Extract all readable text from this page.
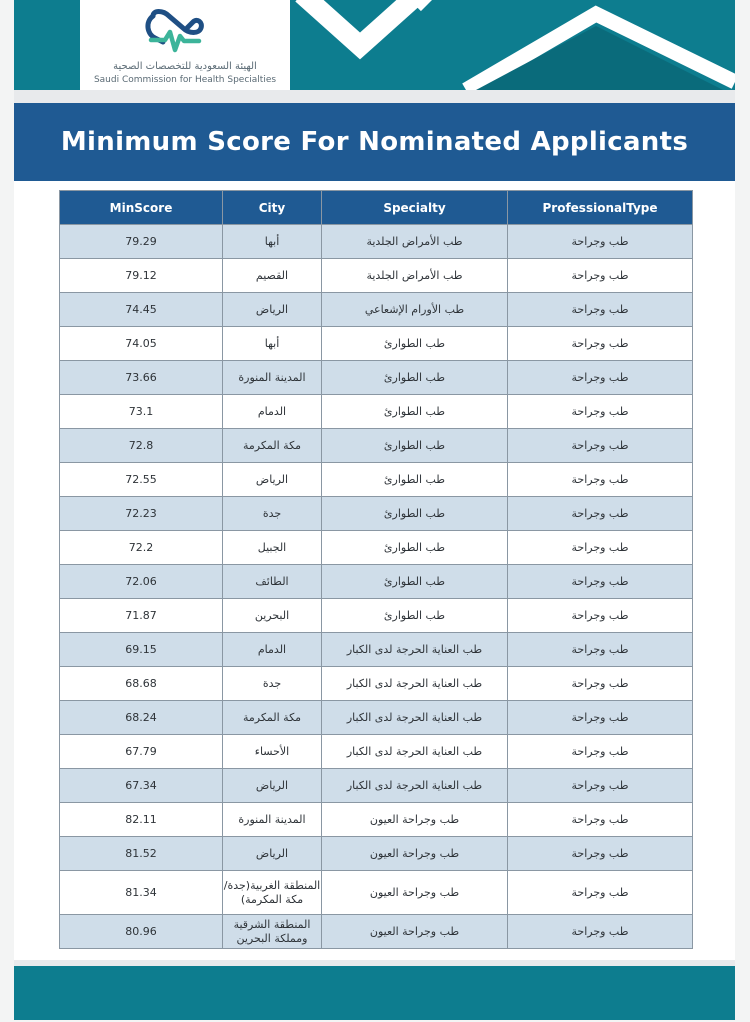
الهيئة السعودية للتخصصات الصحية
Saudi Commission for Health Specialties
Minimum Score For Nominated Applicants
MinScore	City	Specialty	ProfessionalType
79.29	أبها	طب الأمراض الجلدية	طب وجراحة
79.12	القصيم	طب الأمراض الجلدية	طب وجراحة
74.45	الرياض	طب الأورام الإشعاعي	طب وجراحة
74.05	أبها	طب الطوارئ	طب وجراحة
73.66	المدينة المنورة	طب الطوارئ	طب وجراحة
73.1	الدمام	طب الطوارئ	طب وجراحة
72.8	مكة المكرمة	طب الطوارئ	طب وجراحة
72.55	الرياض	طب الطوارئ	طب وجراحة
72.23	جدة	طب الطوارئ	طب وجراحة
72.2	الجبيل	طب الطوارئ	طب وجراحة
72.06	الطائف	طب الطوارئ	طب وجراحة
71.87	البحرين	طب الطوارئ	طب وجراحة
69.15	الدمام	طب العناية الحرجة لدى الكبار	طب وجراحة
68.68	جدة	طب العناية الحرجة لدى الكبار	طب وجراحة
68.24	مكة المكرمة	طب العناية الحرجة لدى الكبار	طب وجراحة
67.79	الأحساء	طب العناية الحرجة لدى الكبار	طب وجراحة
67.34	الرياض	طب العناية الحرجة لدى الكبار	طب وجراحة
82.11	المدينة المنورة	طب وجراحة العيون	طب وجراحة
81.52	الرياض	طب وجراحة العيون	طب وجراحة
81.34	المنطقة الغربية(جدة/مكة المكرمة)	طب وجراحة العيون	طب وجراحة
80.96	المنطقة الشرقية ومملكة البحرين	طب وجراحة العيون	طب وجراحة
